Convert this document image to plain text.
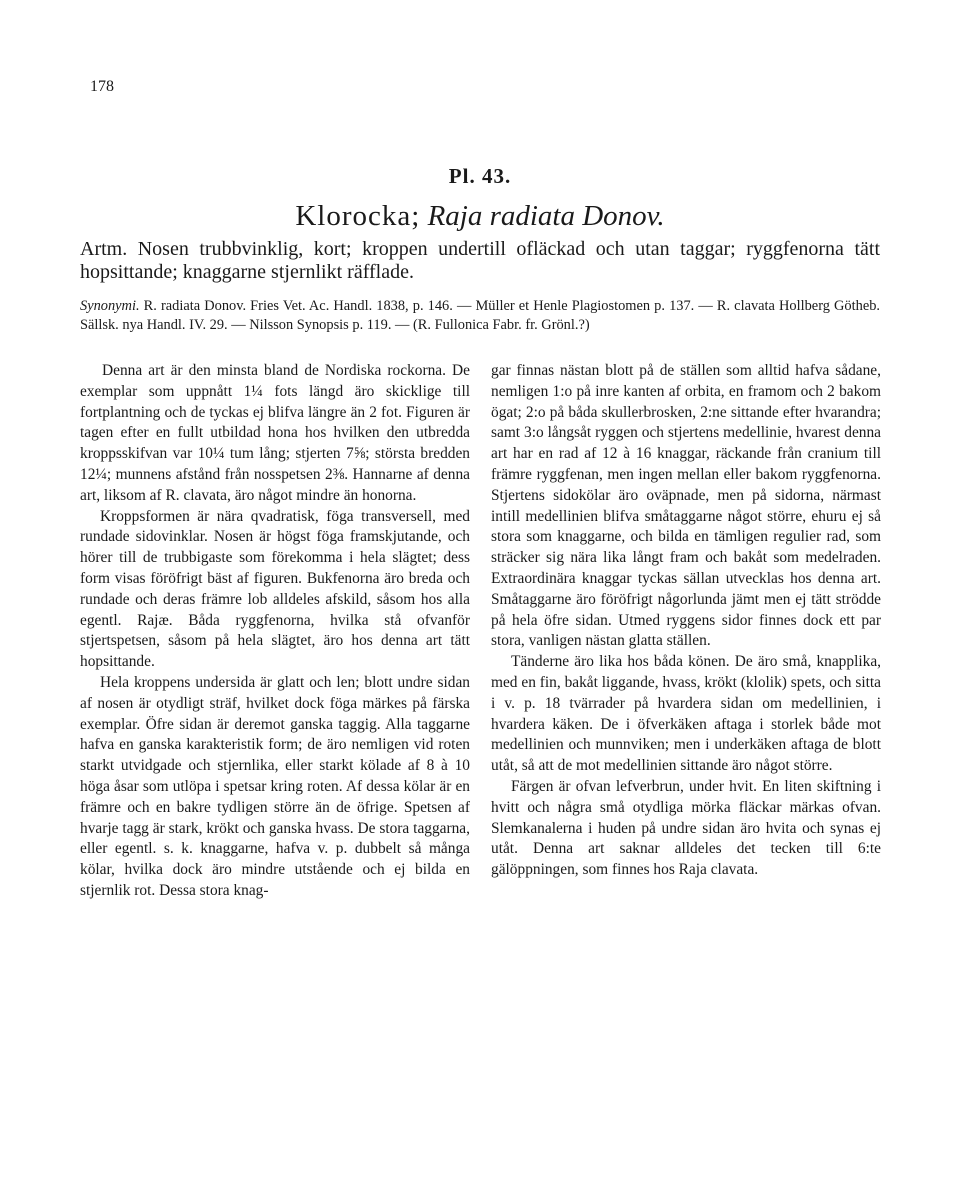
178
Pl. 43.
Klorocka; Raja radiata Donov.
Artm. Nosen trubbvinklig, kort; kroppen undertill ofläckad och utan taggar; ryggfenorna tätt hopsittande; knaggarne stjernlikt räfflade.
Synonymi. R. radiata Donov. Fries Vet. Ac. Handl. 1838, p. 146. — Müller et Henle Plagiostomen p. 137. — R. clavata Hollberg Götheb. Sällsk. nya Handl. IV. 29. — Nilsson Synopsis p. 119. — (R. Fullonica Fabr. fr. Grönl.?)

Denna art är den minsta bland de Nordiska rockorna. De exemplar som uppnått 1¼ fots längd äro skicklige till fortplantning och de tyckas ej blifva längre än 2 fot. Figuren är tagen efter en fullt utbildad hona hos hvilken den utbredda kroppsskifvan var 10¼ tum lång; stjerten 7⅝; största bredden 12¼; munnens afstånd från nosspetsen 2⅜. Hannarne af denna art, liksom af R. clavata, äro något mindre än honorna.

Kroppsformen är nära qvadratisk, föga transversell, med rundade sidovinklar. Nosen är högst föga framskjutande, och hörer till de trubbigaste som förekomma i hela slägtet; dess form visas föröfrigt bäst af figuren. Bukfenorna äro breda och rundade och deras främre lob alldeles afskild, såsom hos alla egentl. Rajæ. Båda ryggfenorna, hvilka stå ofvanför stjertspetsen, såsom på hela slägtet, äro hos denna art tätt hopsittande.

Hela kroppens undersida är glatt och len; blott undre sidan af nosen är otydligt sträf, hvilket dock föga märkes på färska exemplar. Öfre sidan är deremot ganska taggig. Alla taggarne hafva en ganska karakteristik form; de äro nemligen vid roten starkt utvidgade och stjernlika, eller starkt kölade af 8 à 10 höga åsar som utlöpa i spetsar kring roten. Af dessa kölar är en främre och en bakre tydligen större än de öfrige. Spetsen af hvarje tagg är stark, krökt och ganska hvass. De stora taggarna, eller egentl. s. k. knaggarne, hafva v. p. dubbelt så många kölar, hvilka dock äro mindre utstående och ej bilda en stjernlik rot. Dessa stora knag-

gar finnas nästan blott på de ställen som alltid hafva sådane, nemligen 1:o på inre kanten af orbita, en framom och 2 bakom ögat; 2:o på båda skullerbrosken, 2:ne sittande efter hvarandra; samt 3:o långsåt ryggen och stjertens medellinie, hvarest denna art har en rad af 12 à 16 knaggar, räckande från cranium till främre ryggfenan, men ingen mellan eller bakom ryggfenorna. Stjertens sidokölar äro oväpnade, men på sidorna, närmast intill medellinien blifva småtaggarne något större, ehuru ej så stora som knaggarne, och bilda en tämligen regulier rad, som sträcker sig nära lika långt fram och bakåt som medelraden. Extraordinära knaggar tyckas sällan utvecklas hos denna art. Småtaggarne äro föröfrigt någorlunda jämt men ej tätt strödde på hela öfre sidan. Utmed ryggens sidor finnes dock ett par stora, vanligen nästan glatta ställen.

Tänderne äro lika hos båda könen. De äro små, knapplika, med en fin, bakåt liggande, hvass, krökt (klolik) spets, och sitta i v. p. 18 tvärrader på hvardera sidan om medellinien, i hvardera käken. De i öfverkäken aftaga i storlek både mot medellinien och munnviken; men i underkäken aftaga de blott utåt, så att de mot medellinien sittande äro något större.

Färgen är ofvan lefverbrun, under hvit. En liten skiftning i hvitt och några små otydliga mörka fläckar märkas ofvan. Slemkanalerna i huden på undre sidan äro hvita och synas ej utåt. Denna art saknar alldeles det tecken till 6:te gälöppningen, som finnes hos Raja clavata.
